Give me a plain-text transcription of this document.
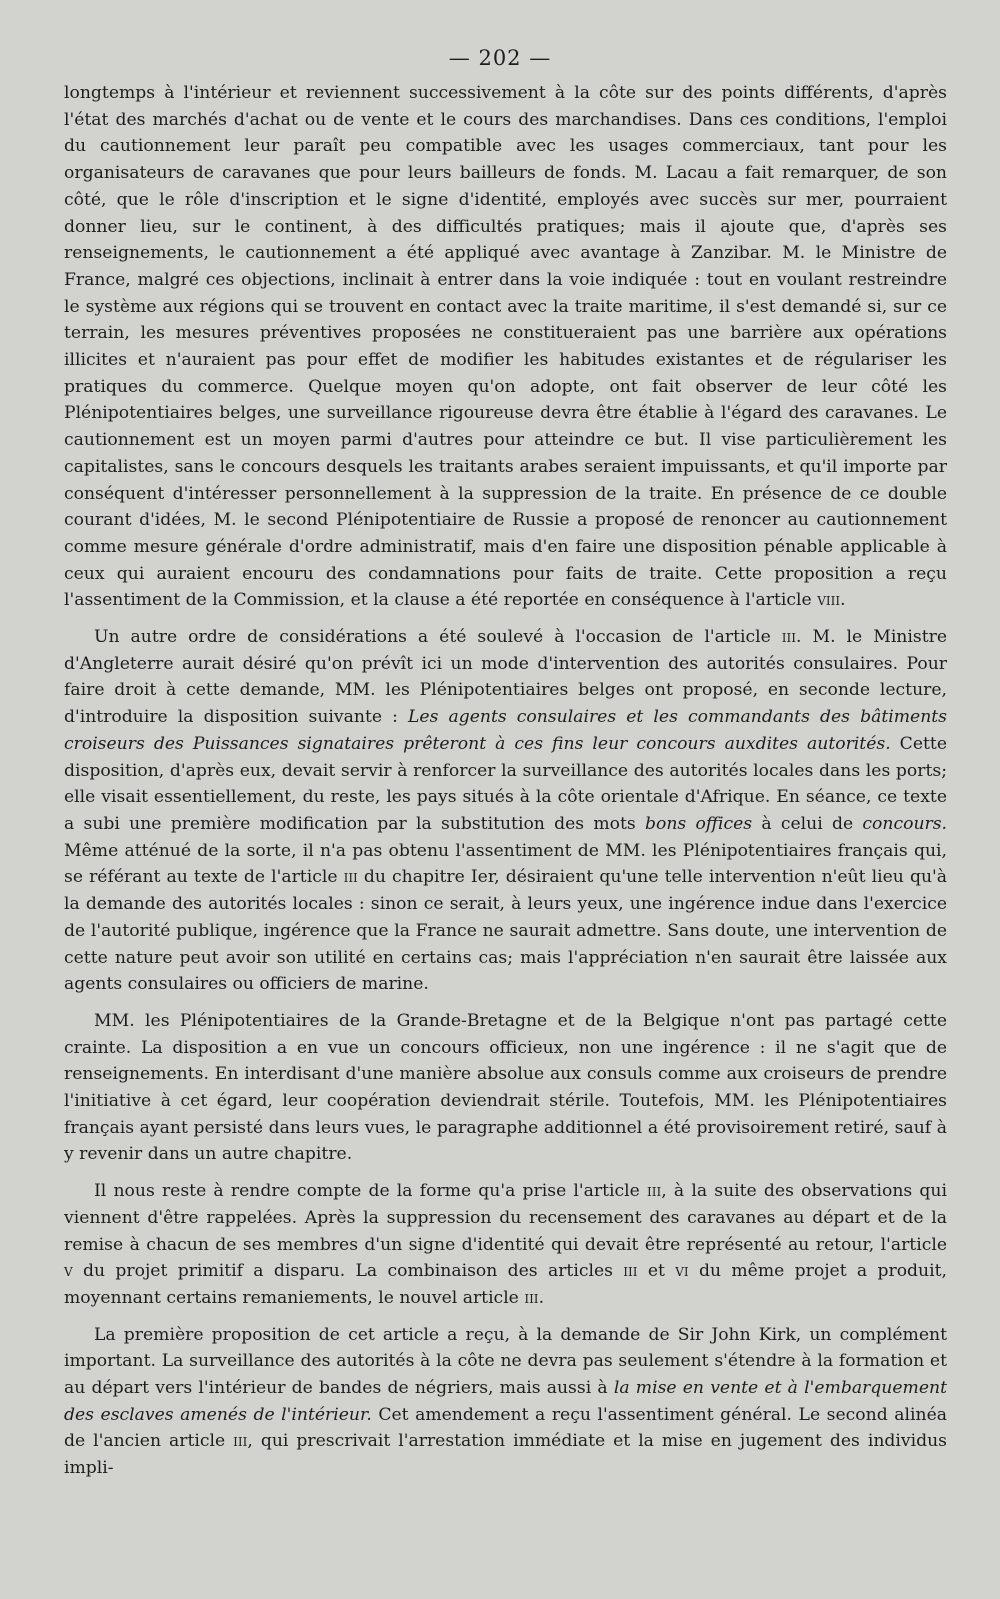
— 202 —

longtemps à l'intérieur et reviennent successivement à la côte sur des points différents, d'après l'état des marchés d'achat ou de vente et le cours des marchandises. Dans ces conditions, l'emploi du cautionnement leur paraît peu compatible avec les usages commerciaux, tant pour les organisateurs de caravanes que pour leurs bailleurs de fonds. M. Lacau a fait remarquer, de son côté, que le rôle d'inscription et le signe d'identité, employés avec succès sur mer, pourraient donner lieu, sur le continent, à des difficultés pratiques; mais il ajoute que, d'après ses renseignements, le cautionnement a été appliqué avec avantage à Zanzibar. M. le Ministre de France, malgré ces objections, inclinait à entrer dans la voie indiquée : tout en voulant restreindre le système aux régions qui se trouvent en contact avec la traite maritime, il s'est demandé si, sur ce terrain, les mesures préventives proposées ne constitueraient pas une barrière aux opérations illicites et n'auraient pas pour effet de modifier les habitudes existantes et de régulariser les pratiques du commerce. Quelque moyen qu'on adopte, ont fait observer de leur côté les Plénipotentiaires belges, une surveillance rigoureuse devra être établie à l'égard des caravanes. Le cautionnement est un moyen parmi d'autres pour atteindre ce but. Il vise particulièrement les capitalistes, sans le concours desquels les traitants arabes seraient impuissants, et qu'il importe par conséquent d'intéresser personnellement à la suppression de la traite. En présence de ce double courant d'idées, M. le second Plénipotentiaire de Russie a proposé de renoncer au cautionnement comme mesure générale d'ordre administratif, mais d'en faire une disposition pénable applicable à ceux qui auraient encouru des condamnations pour faits de traite. Cette proposition a reçu l'assentiment de la Commission, et la clause a été reportée en conséquence à l'article viii.

Un autre ordre de considérations a été soulevé à l'occasion de l'article iii. M. le Ministre d'Angleterre aurait désiré qu'on prévît ici un mode d'intervention des autorités consulaires. Pour faire droit à cette demande, MM. les Plénipotentiaires belges ont proposé, en seconde lecture, d'introduire la disposition suivante : Les agents consulaires et les commandants des bâtiments croiseurs des Puissances signataires prêteront à ces fins leur concours auxdites autorités. Cette disposition, d'après eux, devait servir à renforcer la surveillance des autorités locales dans les ports; elle visait essentiellement, du reste, les pays situés à la côte orientale d'Afrique. En séance, ce texte a subi une première modification par la substitution des mots bons offices à celui de concours. Même atténué de la sorte, il n'a pas obtenu l'assentiment de MM. les Plénipotentiaires français qui, se référant au texte de l'article iii du chapitre Ier, désiraient qu'une telle intervention n'eût lieu qu'à la demande des autorités locales : sinon ce serait, à leurs yeux, une ingérence indue dans l'exercice de l'autorité publique, ingérence que la France ne saurait admettre. Sans doute, une intervention de cette nature peut avoir son utilité en certains cas; mais l'appréciation n'en saurait être laissée aux agents consulaires ou officiers de marine.

MM. les Plénipotentiaires de la Grande-Bretagne et de la Belgique n'ont pas partagé cette crainte. La disposition a en vue un concours officieux, non une ingérence : il ne s'agit que de renseignements. En interdisant d'une manière absolue aux consuls comme aux croiseurs de prendre l'initiative à cet égard, leur coopération deviendrait stérile. Toutefois, MM. les Plénipotentiaires français ayant persisté dans leurs vues, le paragraphe additionnel a été provisoirement retiré, sauf à y revenir dans un autre chapitre.

Il nous reste à rendre compte de la forme qu'a prise l'article iii, à la suite des observations qui viennent d'être rappelées. Après la suppression du recensement des caravanes au départ et de la remise à chacun de ses membres d'un signe d'identité qui devait être représenté au retour, l'article v du projet primitif a disparu. La combinaison des articles iii et vi du même projet a produit, moyennant certains remaniements, le nouvel article iii.

La première proposition de cet article a reçu, à la demande de Sir John Kirk, un complément important. La surveillance des autorités à la côte ne devra pas seulement s'étendre à la formation et au départ vers l'intérieur de bandes de négriers, mais aussi à la mise en vente et à l'embarquement des esclaves amenés de l'intérieur. Cet amendement a reçu l'assentiment général. Le second alinéa de l'ancien article iii, qui prescrivait l'arrestation immédiate et la mise en jugement des individus impli-
